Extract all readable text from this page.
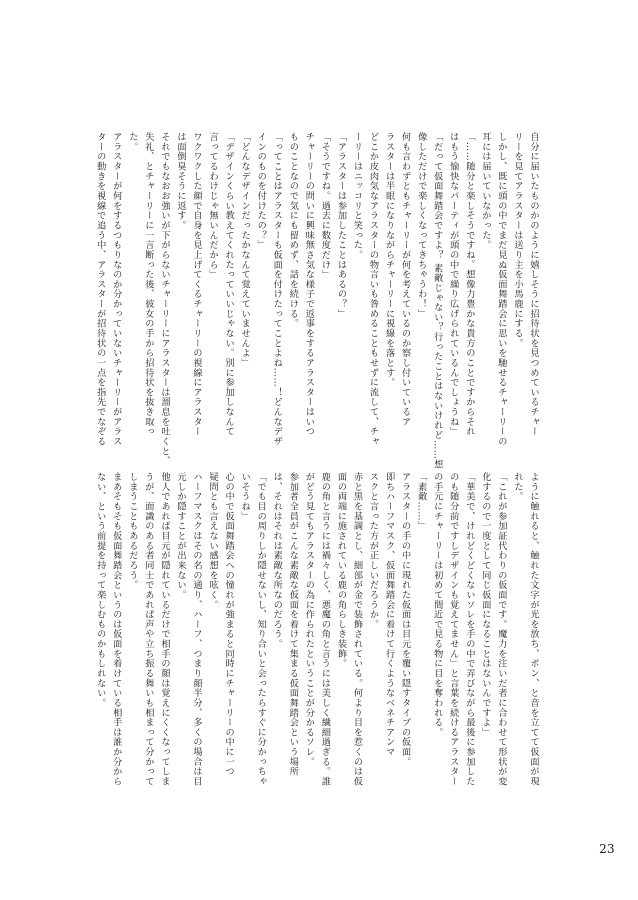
自分に届いたものかのように嬉しそうに招待状を見つめているチャー
リーを見てアラスターは送り主を小馬鹿にする。
しかし、既に頭の中でまだ見ぬ仮面舞踏会に思いを馳せるチャーリーの
耳には届いていなかった。
「……随分と楽しそうですね。想像力豊かな貴方のことですからそれ
はもう愉快なパーティが頭の中で繰り広げられているんでしょうね」
「だって仮面舞踏会ですよ？ 素敵じゃない？行ったことはないけれど……想
像しただけで楽しくなってきちゃうわ！」
何も言わずともチャーリーが何を考えているのか察し付いているア
ラスターは半眼になりながらチャーリーに視線を落とす。
どこか皮肉気なアラスターの物言いも咎めることもせずに流して、チャ
ーリーはニッコリと笑った。
「アラスターは参加したことはあるの？」
「そうですね。過去に数度だけ」
チャーリーの問いに興味無さ気な様子で返事をするアラスターはいつ
ものことなので気にも留めず、話を続ける。
「ってことはアラスターも仮面を付けたってことよね……！どんなデザ
インのものを付けたの？」
「どんなデザインだったかなんて覚えていませんよ」
「デザインくらい教えてくれたっていいじゃない。別に参加しなんて
言ってるわけじゃ無いんだから」
ワクワクした顔で自身を見上げてくるチャーリーの視線にアラスター
は面倒臭そうに返す。
それでもなおお強いが下がらないチャーリーにアラスターは溜息を吐くと、
失礼、とチャーリーに一言断った後、彼女の手から招待状を抜き取っ
た。
アラスターが何をするつもりなのか分かっていないチャーリーがアラス
ターの動きを視線で追う中、アラスターが招待状の一点を指先でなぞる
ように触れると、触れた文字が光を放ち、ポン、と音を立てて仮面が現
れた。
「これが参加証代わりの仮面です。魔力を注いだ者に合わせて形状が変
化するので一度として同じ仮面になることはないんですよ」
「華美で、けれどくどくないソレを手の中で弄びながら最後に参加した
のも随分前ですしデザインも覚えてません」と言葉を続けるアラスター
の手元にチャーリーは初めて間近で見る物に目を奪われる。
「素敵……」
アラスターの手の中に現れた仮面は目元を覆い隠すタイプの仮面。
即ちハーフマスク、仮面舞踏会に着けて行くようなベネチアンマ
スクと言った方が正しいだろうか。
赤と黒を基調とし、細部が金で装飾されている。何より目を惹くのは仮
面の両端に施されている鹿の角らしき装飾。
鹿の角と言うには禍々しく、悪魔の角と言うには美しく繊細過ぎる。誰
がどう見てもアラスターの為に作られたということが分かるソレ。
参加者全員がこんな素敵な仮面を着けて集まる仮面舞踏会という場所
は、それはそれは素敵な所なのだろう。
「でも目の周りしか隠せないし、知り合いと会ったらすぐに分かっちゃ
いそうね」
心の中で仮面舞踏会への憧れが強まると同時にチャーリーの中に一つ
疑問とも言えない感想を呟く。
ハーフマスクはその名の通り、ハーフ、つまり顔半分、多くの場合は目
元しか隠すことが出来ない。
他人であれば目元が隠れているだけで相手の顔は覚えにくくなってしま
うが、面識のある者同士であれば声や立ち振る舞いも相まって分かって
しまうこともあるだろう。
まあそもそも仮面舞踏会というのは仮面を着けている相手は誰か分から
ない、という前提を持って楽しむものかもしれない。
23
